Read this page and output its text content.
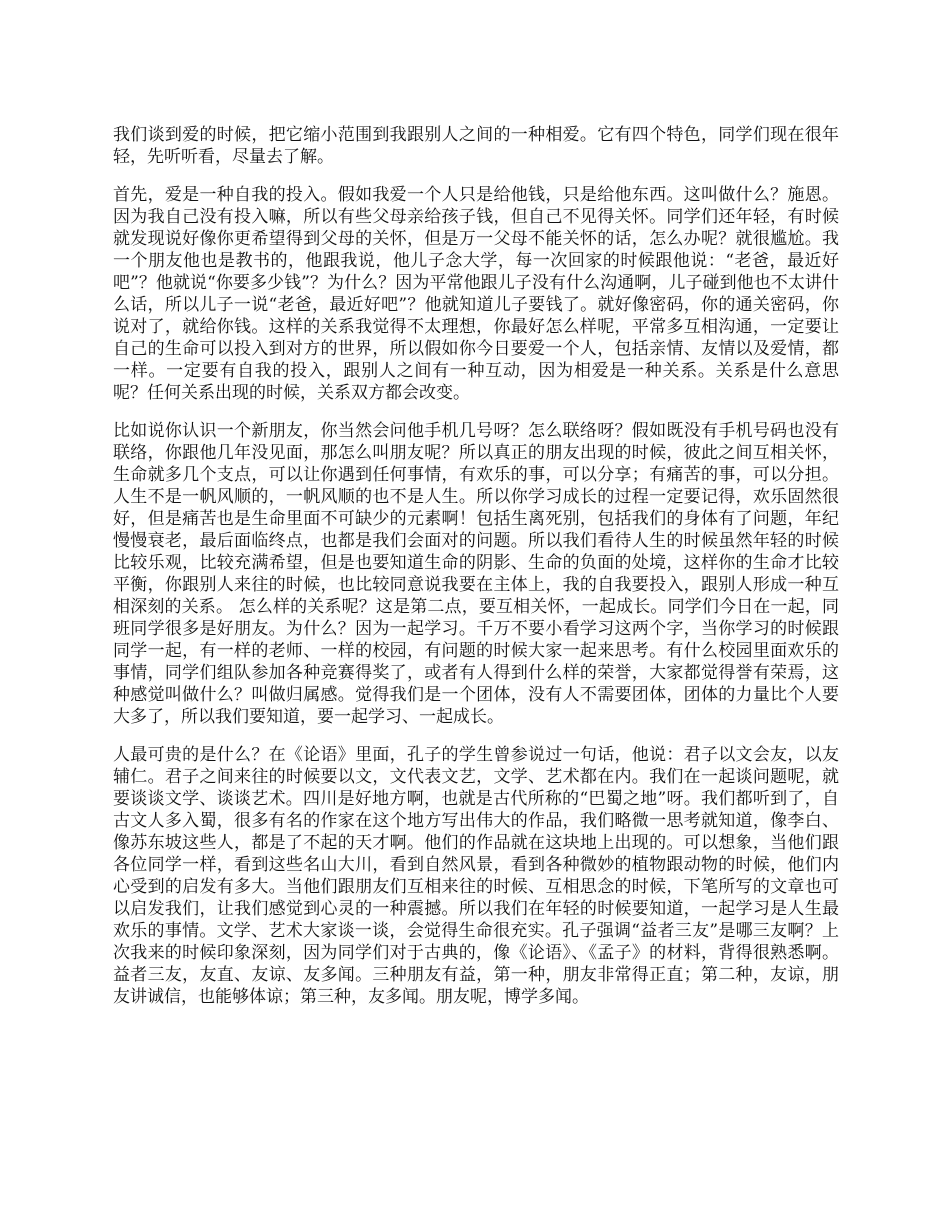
我们谈到爱的时候，把它缩小范围到我跟别人之间的一种相爱。它有四个特色，同学们现在很年轻，先听听看，尽量去了解。

首先，爱是一种自我的投入。假如我爱一个人只是给他钱，只是给他东西。这叫做什么？施恩。因为我自己没有投入嘛，所以有些父母亲给孩子钱，但自己不见得关怀。同学们还年轻，有时候就发现说好像你更希望得到父母的关怀，但是万一父母不能关怀的话，怎么办呢？就很尴尬。我一个朋友他也是教书的，他跟我说，他儿子念大学，每一次回家的时候跟他说：“老爸，最近好吧”？他就说“你要多少钱”？为什么？因为平常他跟儿子没有什么沟通啊，儿子碰到他也不太讲什么话，所以儿子一说“老爸，最近好吧”？他就知道儿子要钱了。就好像密码，你的通关密码，你说对了，就给你钱。这样的关系我觉得不太理想，你最好怎么样呢，平常多互相沟通，一定要让自己的生命可以投入到对方的世界，所以假如你今日要爱一个人，包括亲情、友情以及爱情，都一样。一定要有自我的投入，跟别人之间有一种互动，因为相爱是一种关系。关系是什么意思呢？任何关系出现的时候，关系双方都会改变。

比如说你认识一个新朋友，你当然会问他手机几号呀？怎么联络呀？假如既没有手机号码也没有联络，你跟他几年没见面，那怎么叫朋友呢？所以真正的朋友出现的时候，彼此之间互相关怀，生命就多几个支点，可以让你遇到任何事情，有欢乐的事，可以分享；有痛苦的事，可以分担。人生不是一帆风顺的，一帆风顺的也不是人生。所以你学习成长的过程一定要记得，欢乐固然很好，但是痛苦也是生命里面不可缺少的元素啊！包括生离死别，包括我们的身体有了问题，年纪慢慢衰老，最后面临终点，也都是我们会面对的问题。所以我们看待人生的时候虽然年轻的时候比较乐观，比较充满希望，但是也要知道生命的阴影、生命的负面的处境，这样你的生命才比较平衡，你跟别人来往的时候，也比较同意说我要在主体上，我的自我要投入，跟别人形成一种互相深刻的关系。 怎么样的关系呢？这是第二点，要互相关怀，一起成长。同学们今日在一起，同班同学很多是好朋友。为什么？因为一起学习。千万不要小看学习这两个字，当你学习的时候跟同学一起，有一样的老师、一样的校园，有问题的时候大家一起来思考。有什么校园里面欢乐的事情，同学们组队参加各种竞赛得奖了，或者有人得到什么样的荣誉，大家都觉得誉有荣焉，这种感觉叫做什么？叫做归属感。觉得我们是一个团体，没有人不需要团体，团体的力量比个人要大多了，所以我们要知道，要一起学习、一起成长。

人最可贵的是什么？在《论语》里面，孔子的学生曾参说过一句话，他说：君子以文会友，以友辅仁。君子之间来往的时候要以文，文代表文艺，文学、艺术都在内。我们在一起谈问题呢，就要谈谈文学、谈谈艺术。四川是好地方啊，也就是古代所称的“巴蜀之地”呀。我们都听到了，自古文人多入蜀，很多有名的作家在这个地方写出伟大的作品，我们略微一思考就知道，像李白、像苏东坡这些人，都是了不起的天才啊。他们的作品就在这块地上出现的。可以想象，当他们跟各位同学一样，看到这些名山大川，看到自然风景，看到各种微妙的植物跟动物的时候，他们内心受到的启发有多大。当他们跟朋友们互相来往的时候、互相思念的时候，下笔所写的文章也可以启发我们，让我们感觉到心灵的一种震撼。所以我们在年轻的时候要知道，一起学习是人生最欢乐的事情。文学、艺术大家谈一谈，会觉得生命很充实。孔子强调“益者三友”是哪三友啊？上次我来的时候印象深刻，因为同学们对于古典的，像《论语》、《孟子》的材料，背得很熟悉啊。益者三友，友直、友谅、友多闻。三种朋友有益，第一种，朋友非常得正直；第二种，友谅，朋友讲诚信，也能够体谅；第三种，友多闻。朋友呢，博学多闻。
